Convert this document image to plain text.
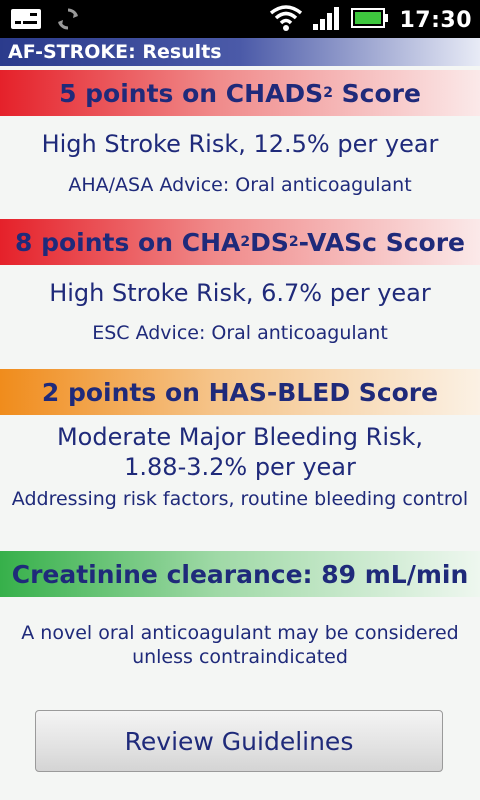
17:30
AF-STROKE: Results
5 points on CHADS 2 Score
High Stroke Risk, 12.5% per year
AHA/ASA Advice: Oral anticoagulant
8 points on CHA 2 DS 2 -VASc Score
High Stroke Risk, 6.7% per year
ESC Advice: Oral anticoagulant
2 points on HAS-BLED Score
Moderate Major Bleeding Risk,
1.88-3.2% per year
Addressing risk factors, routine bleeding control
Creatinine clearance: 89 mL/min
A novel oral anticoagulant may be considered
unless contraindicated
Review Guidelines
